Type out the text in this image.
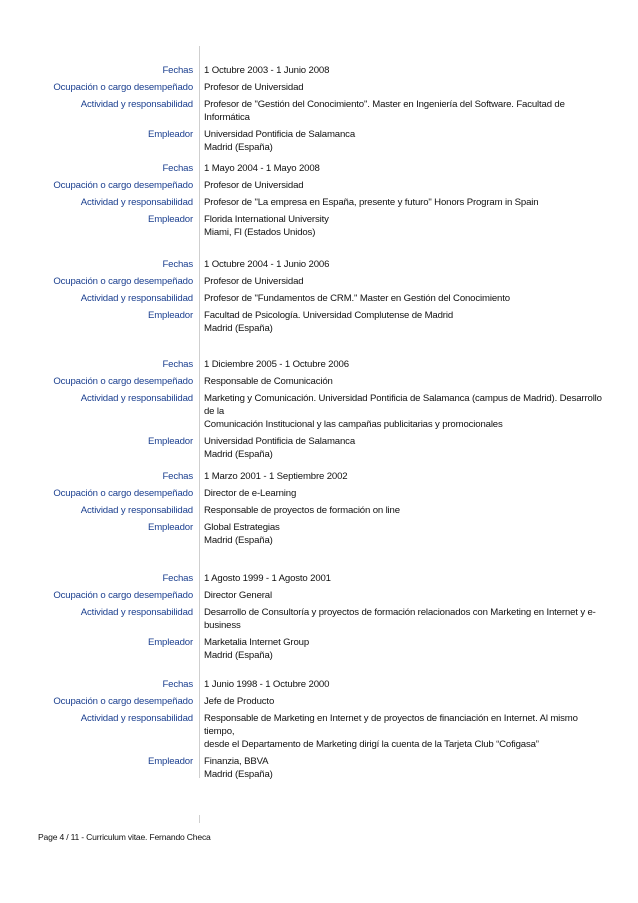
Fechas 1 Octubre 2003 - 1 Junio 2008
Ocupación o cargo desempeñado Profesor de Universidad
Actividad y responsabilidad Profesor de "Gestión del Conocimiento". Master en Ingeniería del Software. Facultad de Informática
Empleador Universidad Pontificia de Salamanca
Madrid (España)
Fechas 1 Mayo 2004 - 1 Mayo 2008
Ocupación o cargo desempeñado Profesor de Universidad
Actividad y responsabilidad Profesor de "La empresa en España, presente y futuro" Honors Program in Spain
Empleador Florida International University
Miami, Fl (Estados Unidos)
Fechas 1 Octubre 2004 - 1 Junio 2006
Ocupación o cargo desempeñado Profesor de Universidad
Actividad y responsabilidad Profesor de "Fundamentos de CRM." Master en Gestión del Conocimiento
Empleador Facultad de Psicología. Universidad Complutense de Madrid
Madrid (España)
Fechas 1 Diciembre 2005 - 1 Octubre 2006
Ocupación o cargo desempeñado Responsable de Comunicación
Actividad y responsabilidad Marketing y Comunicación. Universidad Pontificia de Salamanca (campus de Madrid). Desarrollo de la
Comunicación Institucional y las campañas publicitarias y promocionales
Empleador Universidad Pontificia de Salamanca
Madrid (España)
Fechas 1 Marzo 2001 - 1 Septiembre 2002
Ocupación o cargo desempeñado Director de e-Learning
Actividad y responsabilidad Responsable de proyectos de formación on line
Empleador Global Estrategias
Madrid (España)
Fechas 1 Agosto 1999 - 1 Agosto 2001
Ocupación o cargo desempeñado Director General
Actividad y responsabilidad Desarrollo de Consultoría y proyectos de formación relacionados con Marketing en Internet y e-
business
Empleador Marketalia Internet Group
Madrid (España)
Fechas 1 Junio 1998 - 1 Octubre 2000
Ocupación o cargo desempeñado Jefe de Producto
Actividad y responsabilidad Responsable de Marketing en Internet y de proyectos de financiación en Internet. Al mismo tiempo,
desde el Departamento de Marketing dirigí la cuenta de la Tarjeta Club “Cofigasa”
Empleador Finanzia, BBVA
Madrid (España)
Page 4 / 11 - Curriculum vitae. Fernando Checa
